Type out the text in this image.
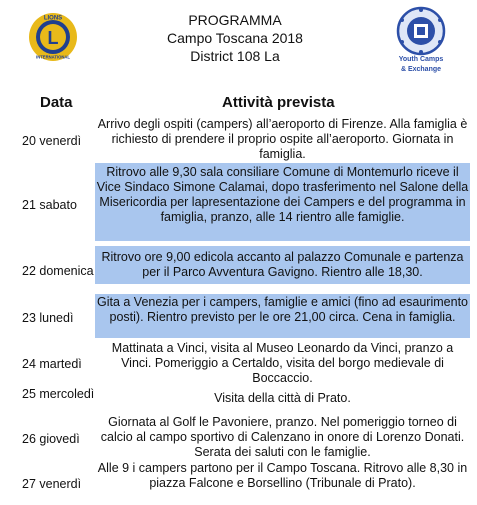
L
LIONS
INTERNATIONAL
PROGRAMMA
Campo Toscana 2018
District 108 La	Youth Camps
& Exchange
Data	Attività prevista
20 venerdì
Arrivo degli ospiti (campers) all’aeroporto di Firenze. Alla famiglia è richiesto di prendere il proprio ospite all’aeroporto. Giornata in famiglia.
21 sabato
Ritrovo alle 9,30 sala consiliare Comune di Montemurlo riceve il Vice Sindaco Simone Calamai, dopo trasferimento nel Salone della Misericordia per lapresentazione dei Campers e del programma in famiglia, pranzo, alle 14 rientro alle famiglie.
22 domenica
Ritrovo ore 9,00 edicola accanto al palazzo Comunale e partenza per il Parco Avventura Gavigno. Rientro alle 18,30.
23 lunedì
Gita a Venezia per i campers, famiglie e amici (fino ad esaurimento posti). Rientro previsto per le ore 21,00 circa. Cena in famiglia.
24 martedì
Mattinata a Vinci, visita al Museo Leonardo da Vinci, pranzo a Vinci. Pomeriggio a Certaldo, visita del borgo medievale di Boccaccio.
25 mercoledì	Visita della città di Prato.
26 giovedì
Giornata al Golf le Pavoniere, pranzo. Nel pomeriggio torneo di calcio al campo sportivo di Calenzano in onore di Lorenzo Donati. Serata dei saluti con le famiglie.
27 venerdì
Alle 9 i campers partono per il Campo Toscana. Ritrovo alle 8,30 in piazza Falcone e Borsellino (Tribunale di Prato).
